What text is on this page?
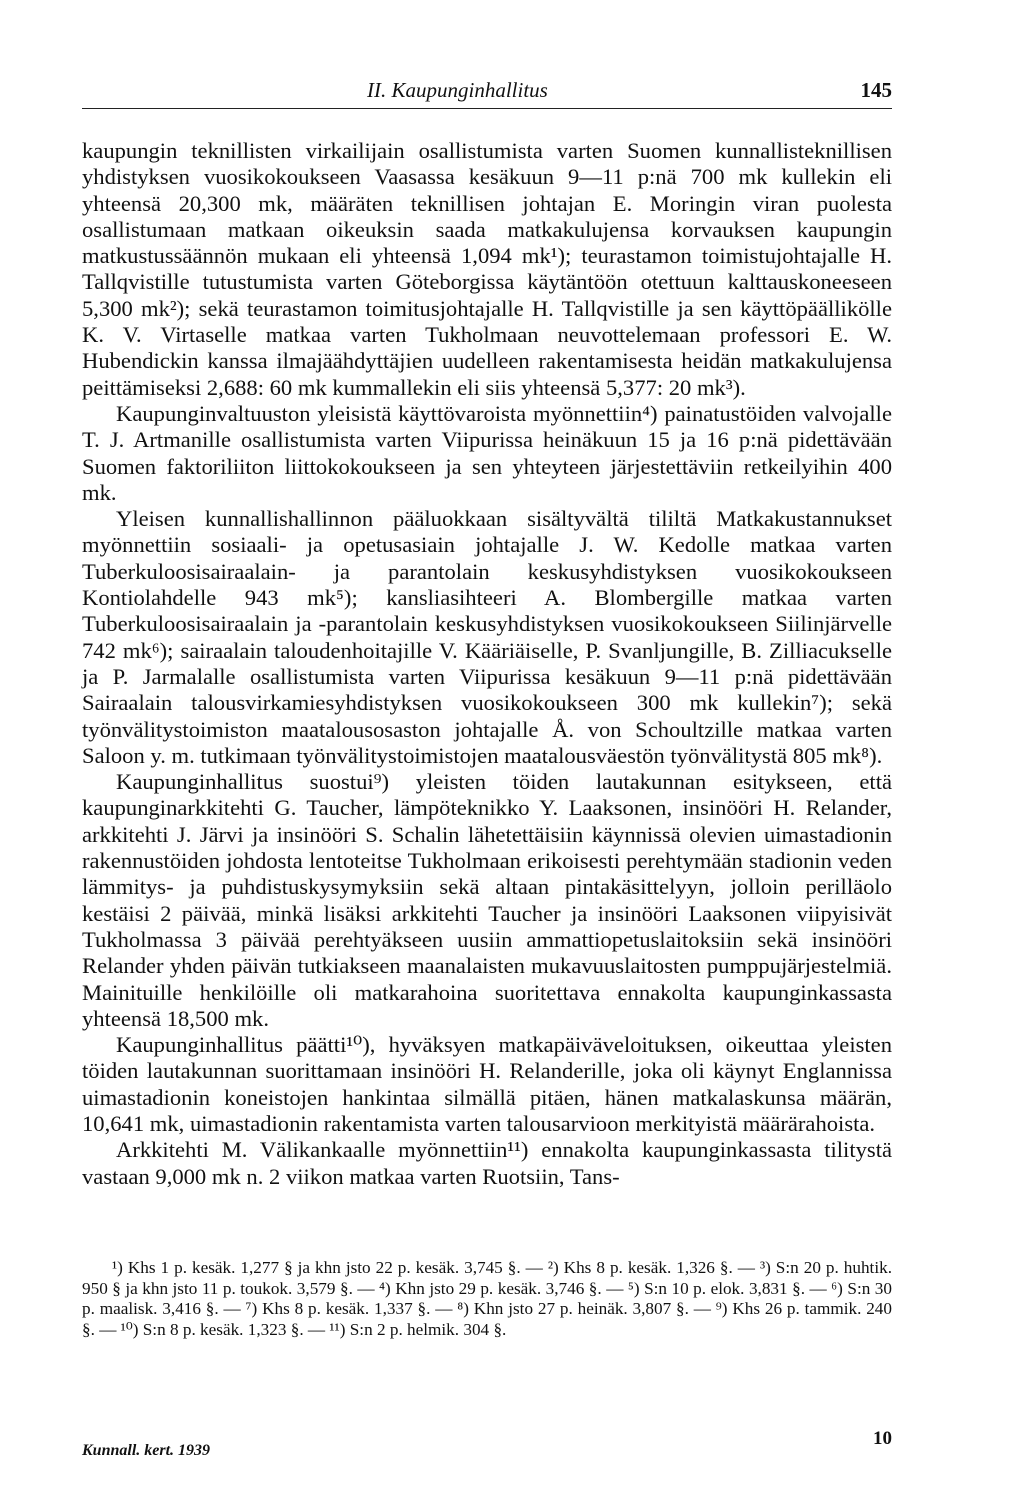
II. Kaupunginhallitus	145

kaupungin teknillisten virkailijain osallistumista varten Suomen kunnallisteknillisen yhdistyksen vuosikokoukseen Vaasassa kesäkuun 9—11 p:nä 700 mk kullekin eli yhteensä 20,300 mk, määräten teknillisen johtajan E. Moringin viran puolesta osallistumaan matkaan oikeuksin saada matkakulujensa korvauksen kaupungin matkustussäännön mukaan eli yhteensä 1,094 mk¹); teurastamon toimistujohtajalle H. Tallqvistille tutustumista varten Göteborgissa käytäntöön otettuun kalttauskoneeseen 5,300 mk²); sekä teurastamon toimitusjohtajalle H. Tallqvistille ja sen käyttöpäällikölle K. V. Virtaselle matkaa varten Tukholmaan neuvottelemaan professori E. W. Hubendickin kanssa ilmajäähdyttäjien uudelleen rakentamisesta heidän matkakulujensa peittämiseksi 2,688: 60 mk kummallekin eli siis yhteensä 5,377: 20 mk³).

Kaupunginvaltuuston yleisistä käyttövaroista myönnettiin⁴) painatustöiden valvojalle T. J. Artmanille osallistumista varten Viipurissa heinäkuun 15 ja 16 p:nä pidettävään Suomen faktoriliiton liittokokoukseen ja sen yhteyteen järjestettäviin retkeilyihin 400 mk.

Yleisen kunnallishallinnon pääluokkaan sisältyvältä tililtä Matkakustannukset myönnettiin sosiaali- ja opetusasiain johtajalle J. W. Kedolle matkaa varten Tuberkuloosisairaalain- ja parantolain keskusyhdistyksen vuosikokoukseen Kontiolahdelle 943 mk⁵); kansliasihteeri A. Blombergille matkaa varten Tuberkuloosisairaalain ja -parantolain keskusyhdistyksen vuosikokoukseen Siilinjärvelle 742 mk⁶); sairaalain taloudenhoitajille V. Kääriäiselle, P. Svanljungille, B. Zilliacukselle ja P. Jarmalalle osallistumista varten Viipurissa kesäkuun 9—11 p:nä pidettävään Sairaalain talousvirkamiesyhdistyksen vuosikokoukseen 300 mk kullekin⁷); sekä työnvälitystoimiston maatalousosaston johtajalle Å. von Schoultzille matkaa varten Saloon y. m. tutkimaan työnvälitystoimistojen maatalousväestön työnvälitystä 805 mk⁸).

Kaupunginhallitus suostui⁹) yleisten töiden lautakunnan esitykseen, että kaupunginarkkitehti G. Taucher, lämpöteknikko Y. Laaksonen, insinööri H. Relander, arkkitehti J. Järvi ja insinööri S. Schalin lähetettäisiin käynnissä olevien uimastadionin rakennustöiden johdosta lentoteitse Tukholmaan erikoisesti perehtymään stadionin veden lämmitys- ja puhdistuskysymyksiin sekä altaan pintakäsittelyyn, jolloin perilläolo kestäisi 2 päivää, minkä lisäksi arkkitehti Taucher ja insinööri Laaksonen viipyisivät Tukholmassa 3 päivää perehtyäkseen uusiin ammattiopetuslaitoksiin sekä insinööri Relander yhden päivän tutkiakseen maanalaisten mukavuuslaitosten pumppujärjestelmiä. Mainituille henkilöille oli matkarahoina suoritettava ennakolta kaupunginkassasta yhteensä 18,500 mk.

Kaupunginhallitus päätti¹⁰), hyväksyen matkapäiväveloituksen, oikeuttaa yleisten töiden lautakunnan suorittamaan insinööri H. Relanderille, joka oli käynyt Englannissa uimastadionin koneistojen hankintaa silmällä pitäen, hänen matkalaskunsa määrän, 10,641 mk, uimastadionin rakentamista varten talousarvioon merkityistä määrärahoista.

Arkkitehti M. Välikankaalle myönnettiin¹¹) ennakolta kaupunginkassasta tilitystä vastaan 9,000 mk n. 2 viikon matkaa varten Ruotsiin, Tans-

¹) Khs 1 p. kesäk. 1,277 § ja khn jsto 22 p. kesäk. 3,745 §. — ²) Khs 8 p. kesäk. 1,326 §. — ³) S:n 20 p. huhtik. 950 § ja khn jsto 11 p. toukok. 3,579 §. — ⁴) Khn jsto 29 p. kesäk. 3,746 §. — ⁵) S:n 10 p. elok. 3,831 §. — ⁶) S:n 30 p. maalisk. 3,416 §. — ⁷) Khs 8 p. kesäk. 1,337 §. — ⁸) Khn jsto 27 p. heinäk. 3,807 §. — ⁹) Khs 26 p. tammik. 240 §. — ¹⁰) S:n 8 p. kesäk. 1,323 §. — ¹¹) S:n 2 p. helmik. 304 §.

Kunnall. kert. 1939
10
